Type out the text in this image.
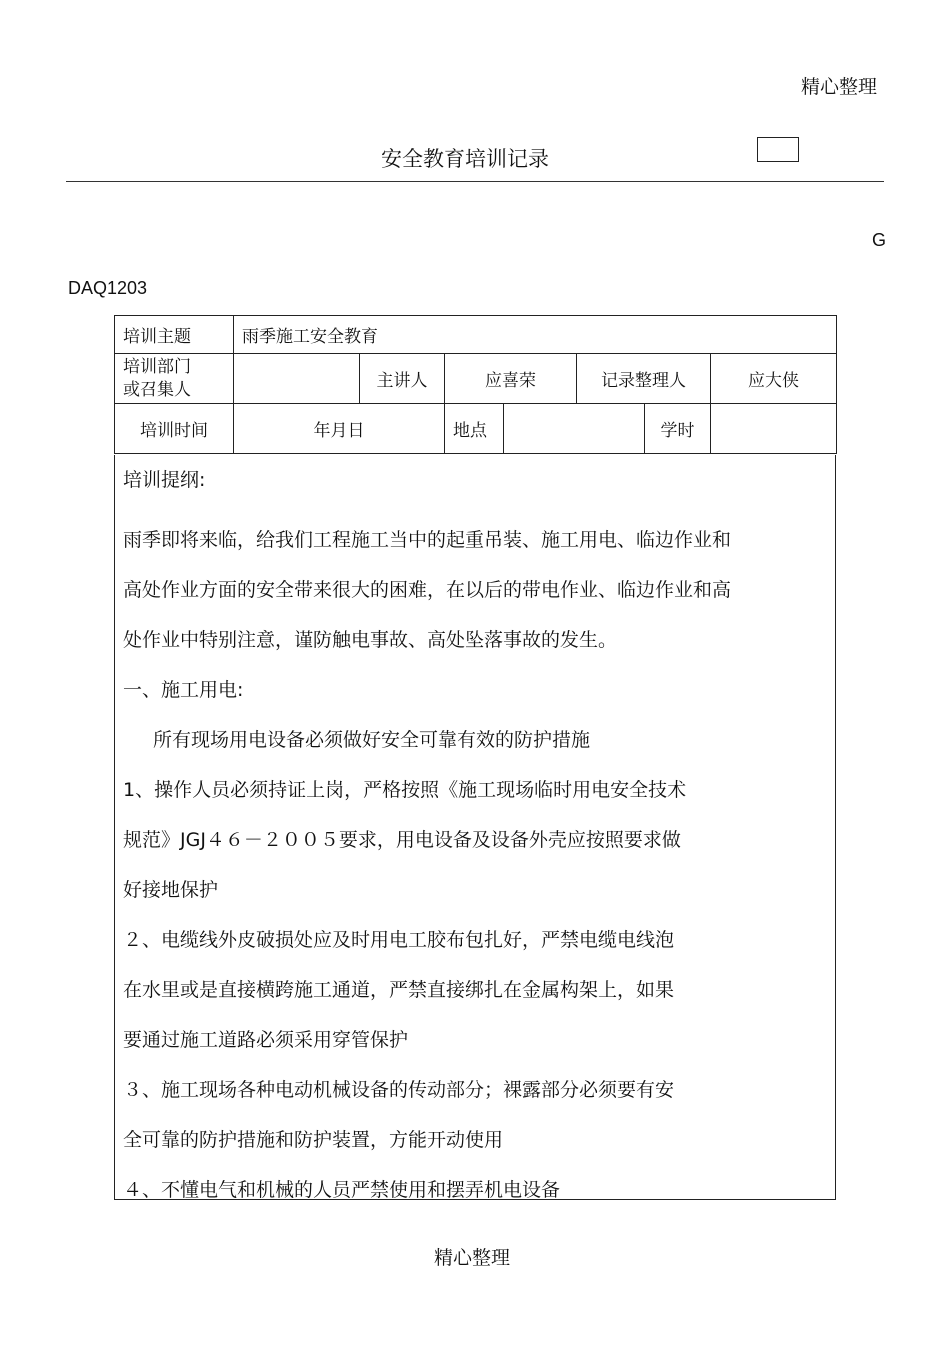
精心整理
安全教育培训记录
G
DAQ1203
培训主题	雨季施工安全教育						

培训部门
或召集人		主讲人	应喜荣		记录整理人		应大侠
培训时间	年月日		地点			学时	
培训提纲:
雨季即将来临，给我们工程施工当中的起重吊装、施工用电、临边作业和
高处作业方面的安全带来很大的困难，在以后的带电作业、临边作业和高
处作业中特别注意，谨防触电事故、高处坠落事故的发生。
一、施工用电:
所有现场用电设备必须做好安全可靠有效的防护措施
1、操作人员必须持证上岗，严格按照《施工现场临时用电安全技术
规范》JGJ４６－２００５要求，用电设备及设备外壳应按照要求做
好接地保护
２、电缆线外皮破损处应及时用电工胶布包扎好，严禁电缆电线泡
在水里或是直接横跨施工通道，严禁直接绑扎在金属构架上，如果
要通过施工道路必须采用穿管保护
３、施工现场各种电动机械设备的传动部分；裸露部分必须要有安
全可靠的防护措施和防护装置，方能开动使用
４、不懂电气和机械的人员严禁使用和摆弄机电设备
精心整理
